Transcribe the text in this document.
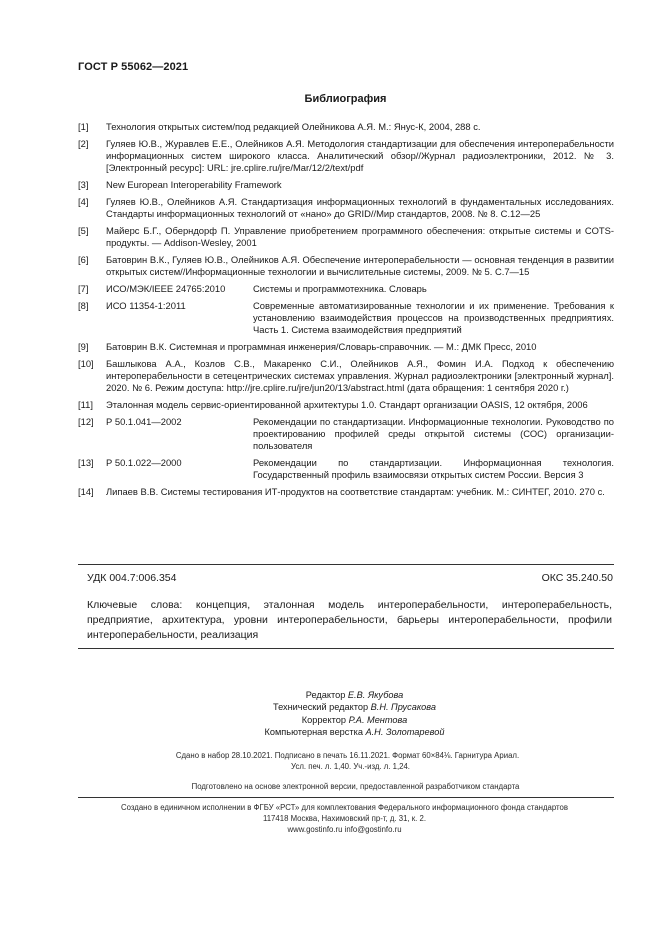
ГОСТ Р 55062—2021
Библиография
[1]	Технология открытых систем/под редакцией Олейникова А.Я. М.: Янус-К, 2004, 288 с.
[2]	Гуляев Ю.В., Журавлев Е.Е., Олейников А.Я. Методология стандартизации для обеспечения интероперабельности информационных систем широкого класса. Аналитический обзор//Журнал радиоэлектроники, 2012. № 3. [Электронный ресурс]: URL: jre.cplire.ru/jre/Mar/12/2/text/pdf
[3]	New European Interoperability Framework
[4]	Гуляев Ю.В., Олейников А.Я. Стандартизация информационных технологий в фундаментальных исследованиях. Стандарты информационных технологий от «нано» до GRID//Мир стандартов, 2008. № 8. С.12—25
[5]	Майерс Б.Г., Оберндорф П. Управление приобретением программного обеспечения: открытые системы и COTS-продукты. — Addison-Wesley, 2001
[6]	Батоврин В.К., Гуляев Ю.В., Олейников А.Я. Обеспечение интероперабельности — основная тенденция в развитии открытых систем//Информационные технологии и вычислительные системы, 2009. № 5. С.7—15
[7]	ИСО/МЭК/IEEE 24765:2010	Системы и программотехника. Словарь
[8]	ИСО 11354-1:2011	Современные автоматизированные технологии и их применение. Требования к установлению взаимодействия процессов на производственных предприятиях. Часть 1. Система взаимодействия предприятий
[9]	Батоврин В.К. Системная и программная инженерия/Словарь-справочник. — М.: ДМК Пресс, 2010
[10]	Башлыкова А.А., Козлов С.В., Макаренко С.И., Олейников А.Я., Фомин И.А. Подход к обеспечению интероперабельности в сетецентрических системах управления. Журнал радиоэлектроники [электронный журнал]. 2020. № 6. Режим доступа: http://jre.cplire.ru/jre/jun20/13/abstract.html (дата обращения: 1 сентября 2020 г.)
[11]	Эталонная модель сервис-ориентированной архитектуры 1.0. Стандарт организации OASIS, 12 октября, 2006
[12]	Р 50.1.041—2002	Рекомендации по стандартизации. Информационные технологии. Руководство по проектированию профилей среды открытой системы (СОС) организации-пользователя
[13]	Р 50.1.022—2000	Рекомендации по стандартизации. Информационная технология. Государственный профиль взаимосвязи открытых систем России. Версия 3
[14]	Липаев В.В. Системы тестирования ИТ-продуктов на соответствие стандартам: учебник. М.: СИНТЕГ, 2010. 270 с.
УДК 004.7:006.354	ОКС 35.240.50
Ключевые слова: концепция, эталонная модель интероперабельности, интероперабельность, предприятие, архитектура, уровни интероперабельности, барьеры интероперабельности, профили интероперабельности, реализация
Редактор Е.В. Якубова
Технический редактор В.Н. Прусакова
Корректор Р.А. Ментова
Компьютерная верстка А.Н. Золотаревой
Сдано в набор 28.10.2021. Подписано в печать 16.11.2021. Формат 60×84⅛. Гарнитура Ариал.
Усл. печ. л. 1,40. Уч.-изд. л. 1,24.
Подготовлено на основе электронной версии, предоставленной разработчиком стандарта
Создано в единичном исполнении в ФГБУ «РСТ» для комплектования Федерального информационного фонда стандартов
117418 Москва, Нахимовский пр-т, д. 31, к. 2.
www.gostinfo.ru info@gostinfo.ru
